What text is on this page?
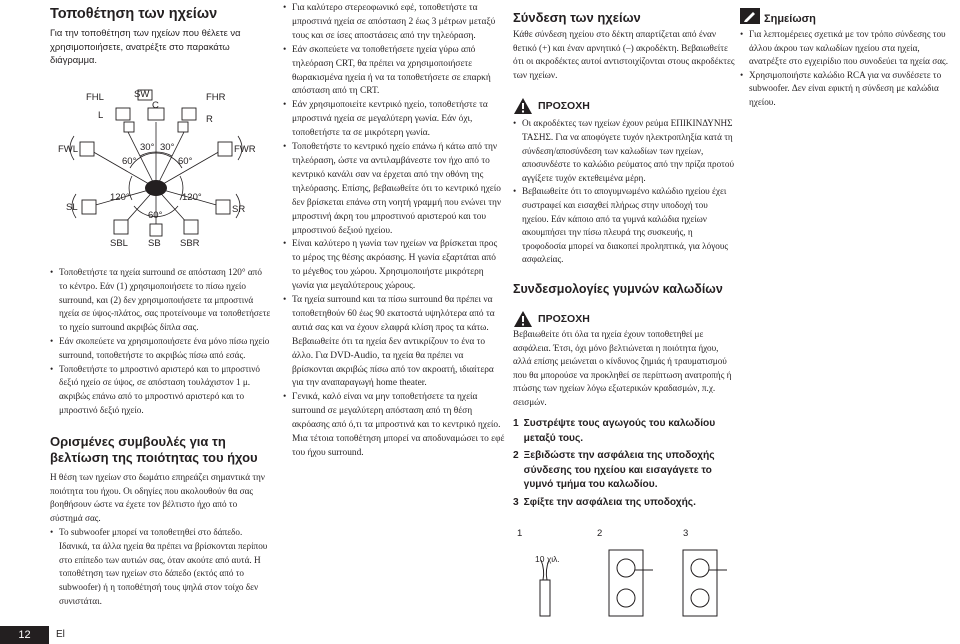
Τοποθέτηση των ηχείων

Για την τοποθέτηση των ηχείων που θέλετε να χρησιμοποιήσετε, ανατρέξτε στο παρακάτω διάγραμμα.

FHL	SW
C
FHR
L	R
FWL	FWR
SL	SR
SBL SB SBR
30° 30°
60°	60°
120°	120°
60°
• Τοποθετήστε τα ηχεία surround σε απόσταση 120° από το κέντρο. Εάν (1) χρησιμοποιήσετε το πίσω ηχείο surround, και (2) δεν χρησιμοποιήσετε τα μπροστινά ηχεία σε ύψος-πλάτος, σας προτείνουμε να τοποθετήσετε το ηχείο surround ακριβώς δίπλα σας.
• Εάν σκοπεύετε να χρησιμοποιήσετε ένα μόνο πίσω ηχείο surround, τοποθετήστε το ακριβώς πίσω από εσάς.
• Τοποθετήστε το μπροστινό αριστερό και το μπροστινό δεξιό ηχείο σε ύψος, σε απόσταση τουλάχιστον 1 μ. ακριβώς επάνω από το μπροστινό αριστερό και το μπροστινό δεξιό ηχείο.
Ορισμένες συμβουλές για τη βελτίωση της ποιότητας του ήχου

Η θέση των ηχείων στο δωμάτιο επηρεάζει σημαντικά την ποιότητα του ήχου. Οι οδηγίες που ακολουθούν θα σας βοηθήσουν ώστε να έχετε τον βέλτιστο ήχο από το σύστημά σας.

• Το subwoofer μπορεί να τοποθετηθεί στο δάπεδο. Ιδανικά, τα άλλα ηχεία θα πρέπει να βρίσκονται περίπου στο επίπεδο των αυτιών σας, όταν ακούτε από αυτά. Η τοποθέτηση των ηχείων στο δάπεδο (εκτός από το subwoofer) ή η τοποθέτησή τους ψηλά στον τοίχο δεν συνιστάται.
• Για καλύτερο στερεοφωνικό εφέ, τοποθετήστε τα μπροστινά ηχεία σε απόσταση 2 έως 3 μέτρων μεταξύ τους και σε ίσες αποστάσεις από την τηλεόραση.
• Εάν σκοπεύετε να τοποθετήσετε ηχεία γύρω από τηλεόραση CRT, θα πρέπει να χρησιμοποιήσετε θωρακισμένα ηχεία ή να τα τοποθετήσετε σε επαρκή απόσταση από τη CRT.
• Εάν χρησιμοποιείτε κεντρικό ηχείο, τοποθετήστε τα μπροστινά ηχεία σε μεγαλύτερη γωνία. Εάν όχι, τοποθετήστε τα σε μικρότερη γωνία.
• Τοποθετήστε το κεντρικό ηχείο επάνω ή κάτω από την τηλεόραση, ώστε να αντιλαμβάνεστε τον ήχο από το κεντρικό κανάλι σαν να έρχεται από την οθόνη της τηλεόρασης. Επίσης, βεβαιωθείτε ότι το κεντρικό ηχείο δεν βρίσκεται επάνω στη νοητή γραμμή που ενώνει την μπροστινή άκρη του μπροστινού αριστερού και του μπροστινού δεξιού ηχείου.
• Είναι καλύτερο η γωνία των ηχείων να βρίσκεται προς το μέρος της θέσης ακρόασης. Η γωνία εξαρτάται από το μέγεθος του χώρου. Χρησιμοποιήστε μικρότερη γωνία για μεγαλύτερους χώρους.
• Τα ηχεία surround και τα πίσω surround θα πρέπει να τοποθετηθούν 60 έως 90 εκατοστά υψηλότερα από τα αυτιά σας και να έχουν ελαφρά κλίση προς τα κάτω. Βεβαιωθείτε ότι τα ηχεία δεν αντικρίζουν το ένα το άλλο. Για DVD-Audio, τα ηχεία θα πρέπει να βρίσκονται ακριβώς πίσω από τον ακροατή, ιδιαίτερα για την αναπαραγωγή home theater.
• Γενικά, καλό είναι να μην τοποθετήσετε τα ηχεία surround σε μεγαλύτερη απόσταση από τη θέση ακρόασης από ό,τι τα μπροστινά και το κεντρικό ηχείο. Μια τέτοια τοποθέτηση μπορεί να αποδυναμώσει το εφέ του ήχου surround.
Σύνδεση των ηχείων

Κάθε σύνδεση ηχείου στο δέκτη απαρτίζεται από έναν θετικό (+) και έναν αρνητικό (–) ακροδέκτη. Βεβαιωθείτε ότι οι ακροδέκτες αυτοί αντιστοιχίζονται στους ακροδέκτες των ηχείων.

ΠΡΟΣΟΧΗ
• Οι ακροδέκτες των ηχείων έχουν ρεύμα ΕΠΙΚΙΝΔΥΝΗΣ ΤΑΣΗΣ. Για να αποφύγετε τυχόν ηλεκτροπληξία κατά τη σύνδεση/αποσύνδεση των καλωδίων των ηχείων, αποσυνδέστε το καλώδιο ρεύματος από την πρίζα προτού αγγίξετε τυχόν εκτεθειμένα μέρη.
• Βεβαιωθείτε ότι το απογυμνωμένο καλώδιο ηχείου έχει συστραφεί και εισαχθεί πλήρως στην υποδοχή του ηχείου. Εάν κάποιο από τα γυμνά καλώδια ηχείων ακουμπήσει την πίσω πλευρά της συσκευής, η τροφοδοσία μπορεί να διακοπεί προληπτικά, για λόγους ασφαλείας.
Συνδεσμολογίες γυμνών καλωδίων
ΠΡΟΣΟΧΗ

Βεβαιωθείτε ότι όλα τα ηχεία έχουν τοποθετηθεί με ασφάλεια. Έτσι, όχι μόνο βελτιώνεται η ποιότητα ήχου, αλλά επίσης μειώνεται ο κίνδυνος ζημιάς ή τραυματισμού που θα μπορούσε να προκληθεί σε περίπτωση ανατροπής ή πτώσης των ηχείων λόγω εξωτερικών κραδασμών, π.χ. σεισμών.

1 Συστρέψτε τους αγωγούς του καλωδίου μεταξύ τους.
2 Ξεβιδώστε την ασφάλεια της υποδοχής σύνδεσης του ηχείου και εισαγάγετε το γυμνό τμήμα του καλωδίου.
3 Σφίξτε την ασφάλεια της υποδοχής.
1	2	3
10 χιλ.
Σημείωση
• Για λεπτομέρειες σχετικά με τον τρόπο σύνδεσης του άλλου άκρου των καλωδίων ηχείου στα ηχεία, ανατρέξτε στο εγχειρίδιο που συνοδεύει τα ηχεία σας.
• Χρησιμοποιήστε καλώδιο RCA για να συνδέσετε το subwoofer. Δεν είναι εφικτή η σύνδεση με καλώδια ηχείου.
12	El
